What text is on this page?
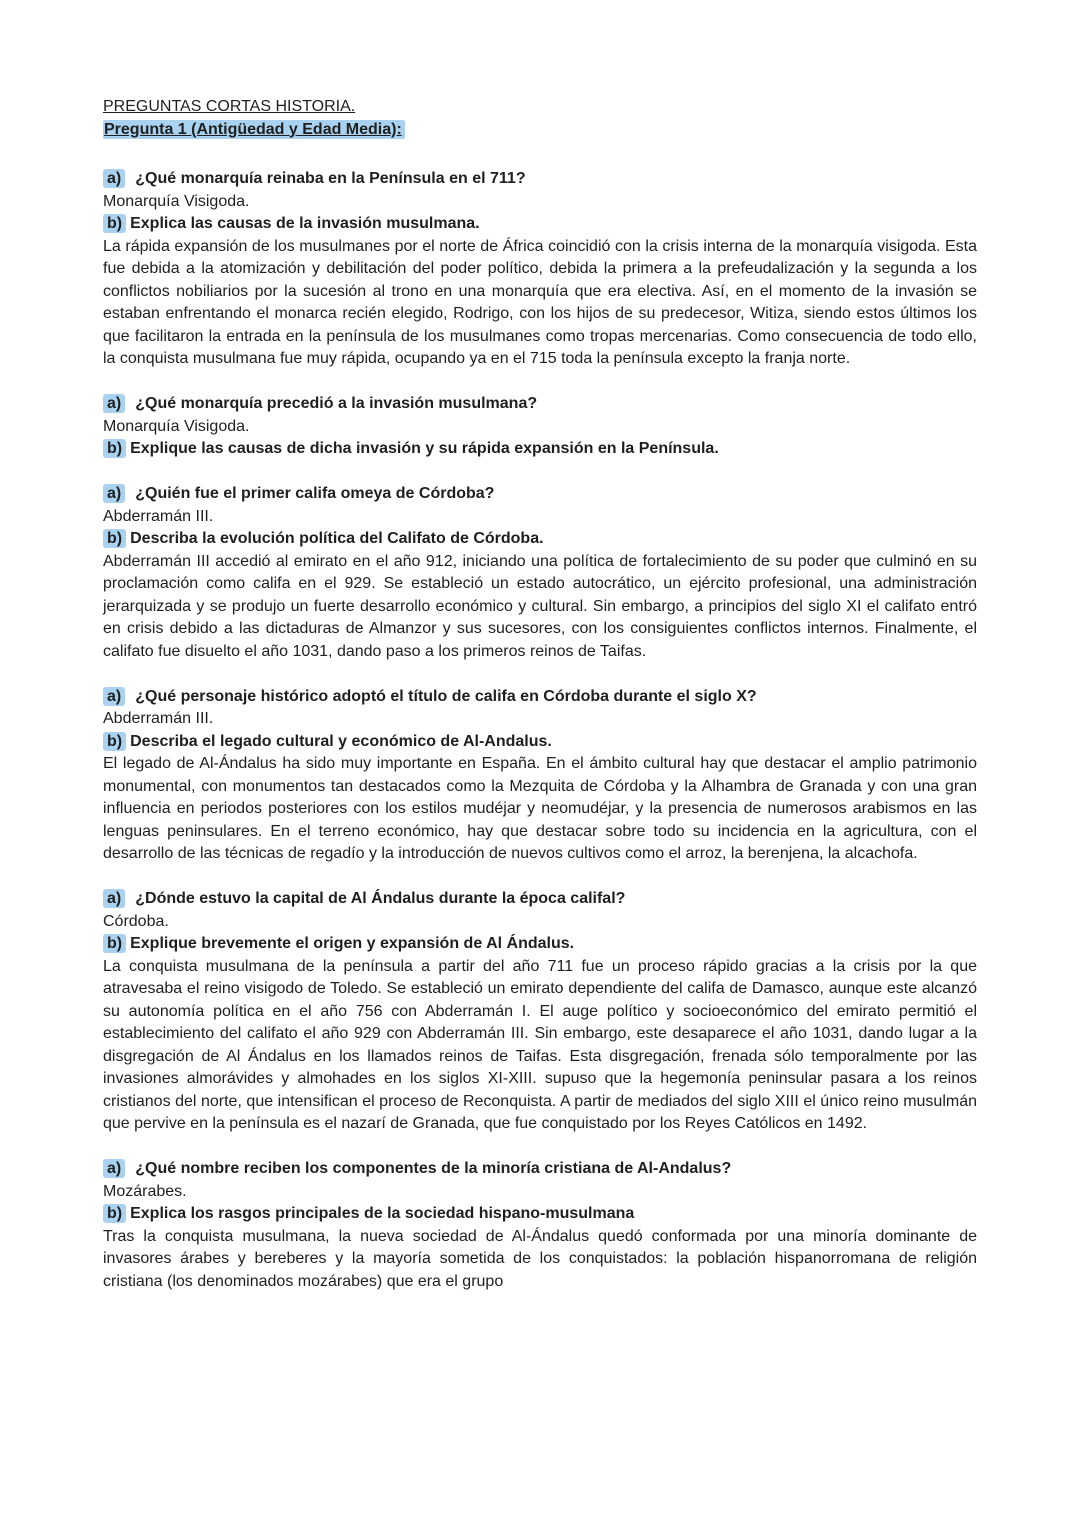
PREGUNTAS CORTAS HISTORIA.
Pregunta 1 (Antigüedad y Edad Media):

a) ¿Qué monarquía reinaba en la Península en el 711?

Monarquía Visigoda.

b) Explica las causas de la invasión musulmana.

La rápida expansión de los musulmanes por el norte de África coincidió con la crisis interna de la monarquía visigoda. Esta fue debida a la atomización y debilitación del poder político, debida la primera a la prefeudalización y la segunda a los conflictos nobiliarios por la sucesión al trono en una monarquía que era electiva. Así, en el momento de la invasión se estaban enfrentando el monarca recién elegido, Rodrigo, con los hijos de su predecesor, Witiza, siendo estos últimos los que facilitaron la entrada en la península de los musulmanes como tropas mercenarias. Como consecuencia de todo ello, la conquista musulmana fue muy rápida, ocupando ya en el 715 toda la península excepto la franja norte.

a) ¿Qué monarquía precedió a la invasión musulmana?

Monarquía Visigoda.

b) Explique las causas de dicha invasión y su rápida expansión en la Península.

a) ¿Quién fue el primer califa omeya de Córdoba?

Abderramán III.

b) Describa la evolución política del Califato de Córdoba.

Abderramán III accedió al emirato en el año 912, iniciando una política de fortalecimiento de su poder que culminó en su proclamación como califa en el 929. Se estableció un estado autocrático, un ejército profesional, una administración jerarquizada y se produjo un fuerte desarrollo económico y cultural. Sin embargo, a principios del siglo XI el califato entró en crisis debido a las dictaduras de Almanzor y sus sucesores, con los consiguientes conflictos internos. Finalmente, el califato fue disuelto el año 1031, dando paso a los primeros reinos de Taifas.

a) ¿Qué personaje histórico adoptó el título de califa en Córdoba durante el siglo X?

Abderramán III.

b) Describa el legado cultural y económico de Al-Andalus.

El legado de Al-Ándalus ha sido muy importante en España. En el ámbito cultural hay que destacar el amplio patrimonio monumental, con monumentos tan destacados como la Mezquita de Córdoba y la Alhambra de Granada y con una gran influencia en periodos posteriores con los estilos mudéjar y neomudéjar, y la presencia de numerosos arabismos en las lenguas peninsulares. En el terreno económico, hay que destacar sobre todo su incidencia en la agricultura, con el desarrollo de las técnicas de regadío y la introducción de nuevos cultivos como el arroz, la berenjena, la alcachofa.

a) ¿Dónde estuvo la capital de Al Ándalus durante la época califal?

Córdoba.

b) Explique brevemente el origen y expansión de Al Ándalus.

La conquista musulmana de la península a partir del año 711 fue un proceso rápido gracias a la crisis por la que atravesaba el reino visigodo de Toledo. Se estableció un emirato dependiente del califa de Damasco, aunque este alcanzó su autonomía política en el año 756 con Abderramán I. El auge político y socioeconómico del emirato permitió el establecimiento del califato el año 929 con Abderramán III. Sin embargo, este desaparece el año 1031, dando lugar a la disgregación de Al Ándalus en los llamados reinos de Taifas. Esta disgregación, frenada sólo temporalmente por las invasiones almorávides y almohades en los siglos XI-XIII. supuso que la hegemonía peninsular pasara a los reinos cristianos del norte, que intensifican el proceso de Reconquista. A partir de mediados del siglo XIII el único reino musulmán que pervive en la península es el nazarí de Granada, que fue conquistado por los Reyes Católicos en 1492.

a) ¿Qué nombre reciben los componentes de la minoría cristiana de Al-Andalus?

Mozárabes.

b) Explica los rasgos principales de la sociedad hispano-musulmana

Tras la conquista musulmana, la nueva sociedad de Al-Ándalus quedó conformada por una minoría dominante de invasores árabes y bereberes y la mayoría sometida de los conquistados: la población hispanorromana de religión cristiana (los denominados mozárabes) que era el grupo
